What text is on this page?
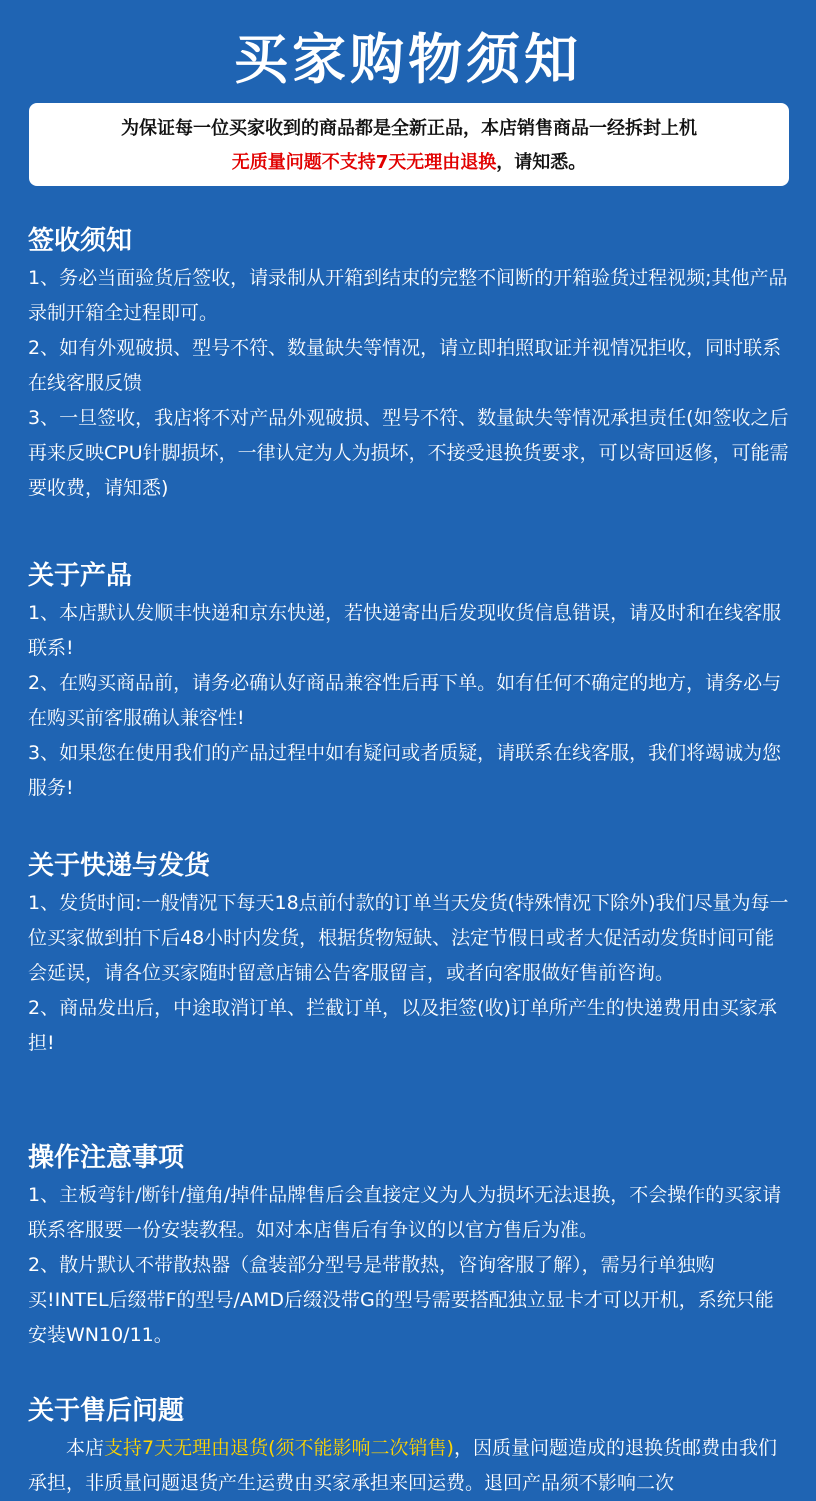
买家购物须知
为保证每一位买家收到的商品都是全新正品，本店销售商品一经拆封上机
无质量问题不支持7天无理由退换，请知悉。
签收须知

1、务必当面验货后签收，请录制从开箱到结束的完整不间断的开箱验货过程视频;其他产品录制开箱全过程即可。

2、如有外观破损、型号不符、数量缺失等情况，请立即拍照取证并视情况拒收，同时联系在线客服反馈

3、一旦签收，我店将不对产品外观破损、型号不符、数量缺失等情况承担责任(如签收之后再来反映CPU针脚损坏，一律认定为人为损坏，不接受退换货要求，可以寄回返修，可能需要收费，请知悉)

关于产品

1、本店默认发顺丰快递和京东快递，若快递寄出后发现收货信息错误，请及时和在线客服联系!

2、在购买商品前，请务必确认好商品兼容性后再下单。如有任何不确定的地方，请务必与在购买前客服确认兼容性!

3、如果您在使用我们的产品过程中如有疑问或者质疑，请联系在线客服，我们将竭诚为您服务!

关于快递与发货

1、发货时间:一般情况下每天18点前付款的订单当天发货(特殊情况下除外)我们尽量为每一位买家做到拍下后48小时内发货，根据货物短缺、法定节假日或者大促活动发货时间可能会延误，请各位买家随时留意店铺公告客服留言，或者向客服做好售前咨询。

2、商品发出后，中途取消订单、拦截订单，以及拒签(收)订单所产生的快递费用由买家承担!

操作注意事项

1、主板弯针/断针/撞角/掉件品牌售后会直接定义为人为损坏无法退换，不会操作的买家请联系客服要一份安装教程。如对本店售后有争议的以官方售后为准。

2、散片默认不带散热器（盒装部分型号是带散热，咨询客服了解），需另行单独购买!INTEL后缀带F的型号/AMD后缀没带G的型号需要搭配独立显卡才可以开机，系统只能安装WN10/11。

关于售后问题

　　本店支持7天无理由退货(须不能影响二次销售)，因质量问题造成的退换货邮费由我们承担，非质量问题退货产生运费由买家承担来回运费。退回产品须不影响二次
